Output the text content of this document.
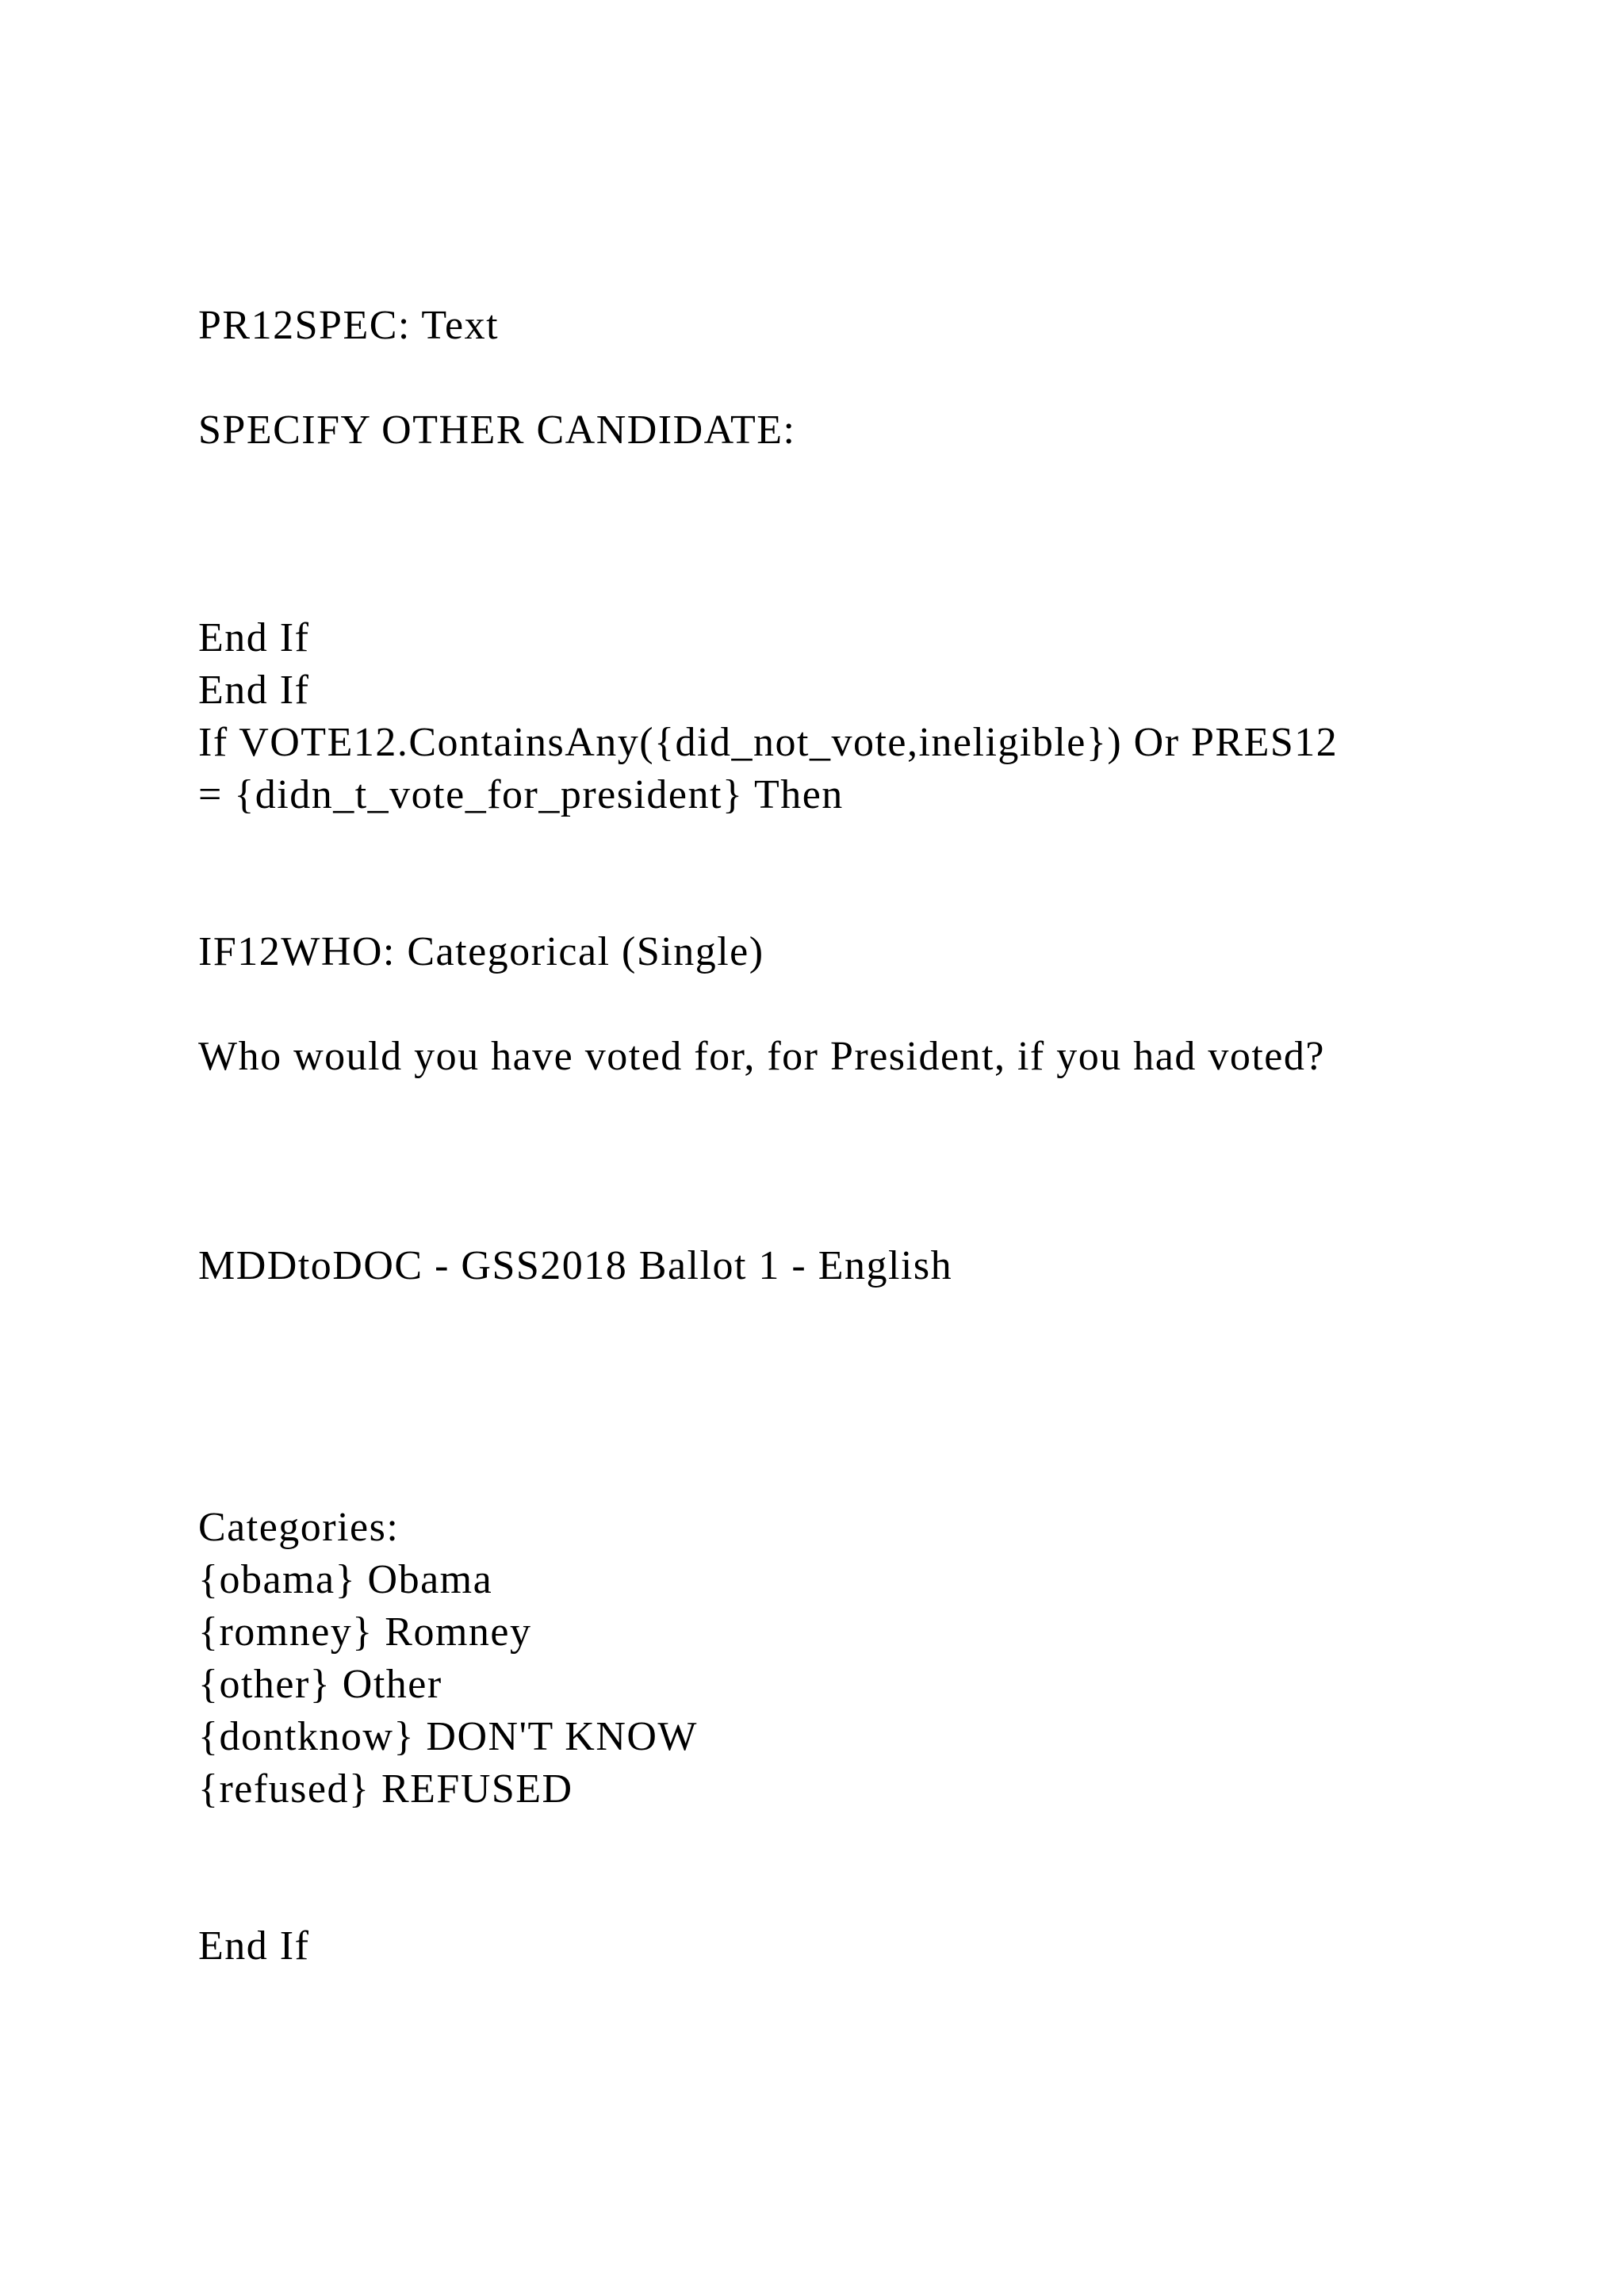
PR12SPEC: Text
SPECIFY OTHER CANDIDATE:
End If
End If
If VOTE12.ContainsAny({did_not_vote,ineligible}) Or PRES12
= {didn_t_vote_for_president} Then
IF12WHO: Categorical (Single)
Who would you have voted for, for President, if you had voted?
MDDtoDOC - GSS2018 Ballot 1 - English
Categories:
{obama} Obama
{romney} Romney
{other} Other
{dontknow} DON'T KNOW
{refused} REFUSED
End If
